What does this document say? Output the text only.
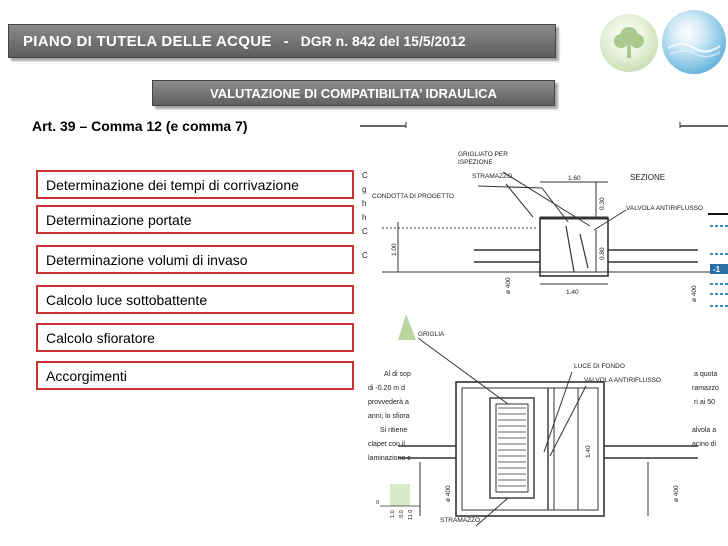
PIANO DI TUTELA DELLE ACQUE - DGR n. 842 del 15/5/2012
VALUTAZIONE DI COMPATIBILITA’ IDRAULICA
Art. 39 – Comma 12 (e comma 7)
Determinazione dei tempi di corrivazione
Determinazione portate
Determinazione volumi di invaso
Calcolo luce sottobattente
Calcolo sfioratore
Accorgimenti
C
g
h
h
C
C
GRIGLIATO PER
ISPEZIONE
STRAMAZZO
CONDOTTA DI PROGETTO
VALVOLA ANTIRIFLUSSO
1.60
1.40
1.00
0.30
0.80
ø 400	ø 400
SEZIONE
-1
Al di sop
di -0.20 m d
provvederà a
anni; lo sfiora
Si ritiene
clapet con il
laminazione c
a quota
ramazzo
ri ai 50
alvola a
acino di
GRIGLIA
LUCE DI FONDO
VALVOLA ANTIRIFLUSSO
1.40
ø 400	ø 400
STRAMAZZO
0
1.0 9.0 11.0
